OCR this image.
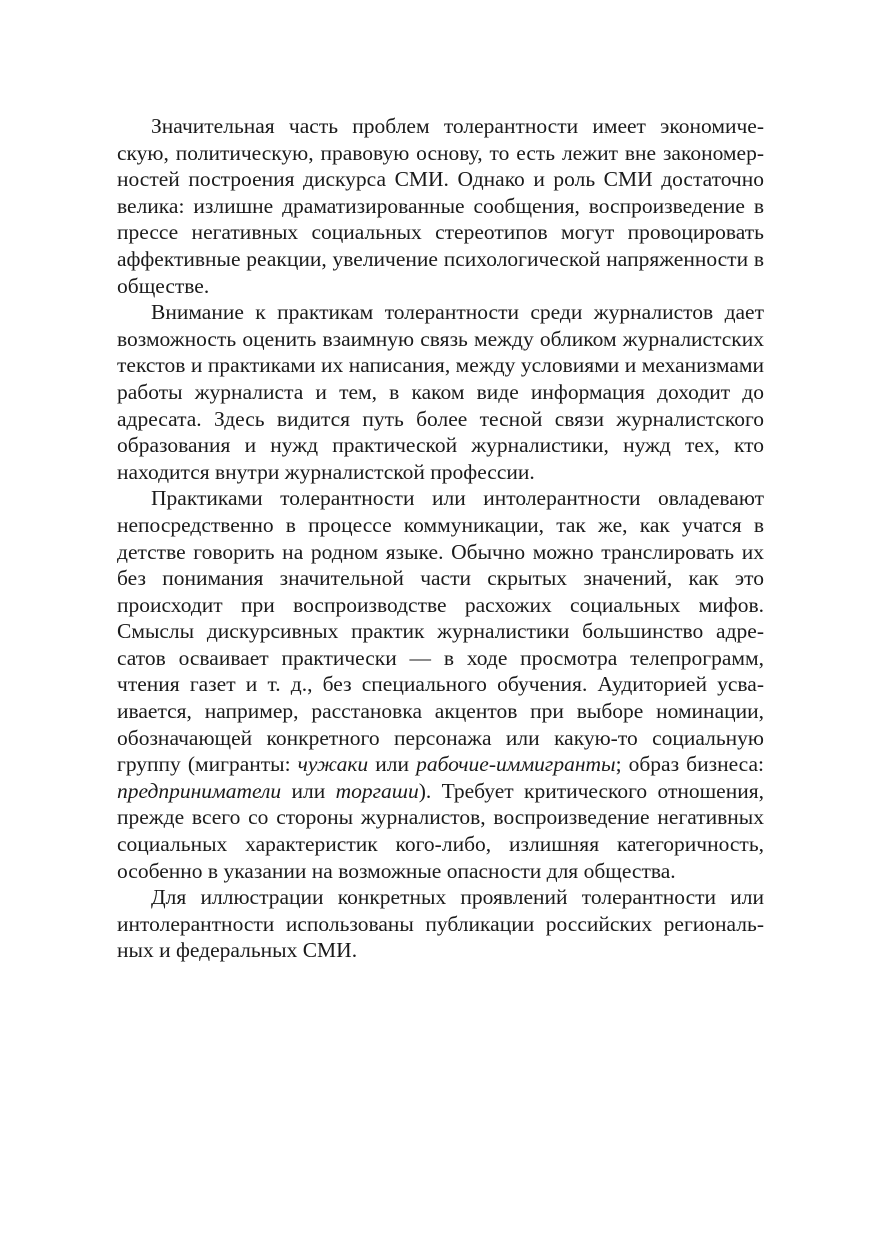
Значительная часть проблем толерантности имеет экономическую, политическую, правовую основу, то есть лежит вне закономерностей построения дискурса СМИ. Однако и роль СМИ достаточно велика: излишне драматизированные сообщения, воспроизведение в прессе негативных социальных стереотипов могут провоцировать аффективные реакции, увеличение психологической напряженности в обществе.

Внимание к практикам толерантности среди журналистов дает возможность оценить взаимную связь между обликом журналистских текстов и практиками их написания, между условиями и механизмами работы журналиста и тем, в каком виде информация доходит до адресата. Здесь видится путь более тесной связи журналистского образования и нужд практической журналистики, нужд тех, кто находится внутри журналистской профессии.

Практиками толерантности или интолерантности овладевают непосредственно в процессе коммуникации, так же, как учатся в детстве говорить на родном языке. Обычно можно транслировать их без понимания значительной части скрытых значений, как это происходит при воспроизводстве расхожих социальных мифов. Смыслы дискурсивных практик журналистики большинство адресатов осваивает практически — в ходе просмотра телепрограмм, чтения газет и т. д., без специального обучения. Аудиторией усваивается, например, расстановка акцентов при выборе номинации, обозначающей конкретного персонажа или какую-то социальную группу (мигранты: чужаки или рабочие-иммигранты; образ бизнеса: предприниматели или торгаши). Требует критического отношения, прежде всего со стороны журналистов, воспроизведение негативных социальных характеристик кого-либо, излишняя категоричность, особенно в указании на возможные опасности для общества.

Для иллюстрации конкретных проявлений толерантности или интолерантности использованы публикации российских региональных и федеральных СМИ.
